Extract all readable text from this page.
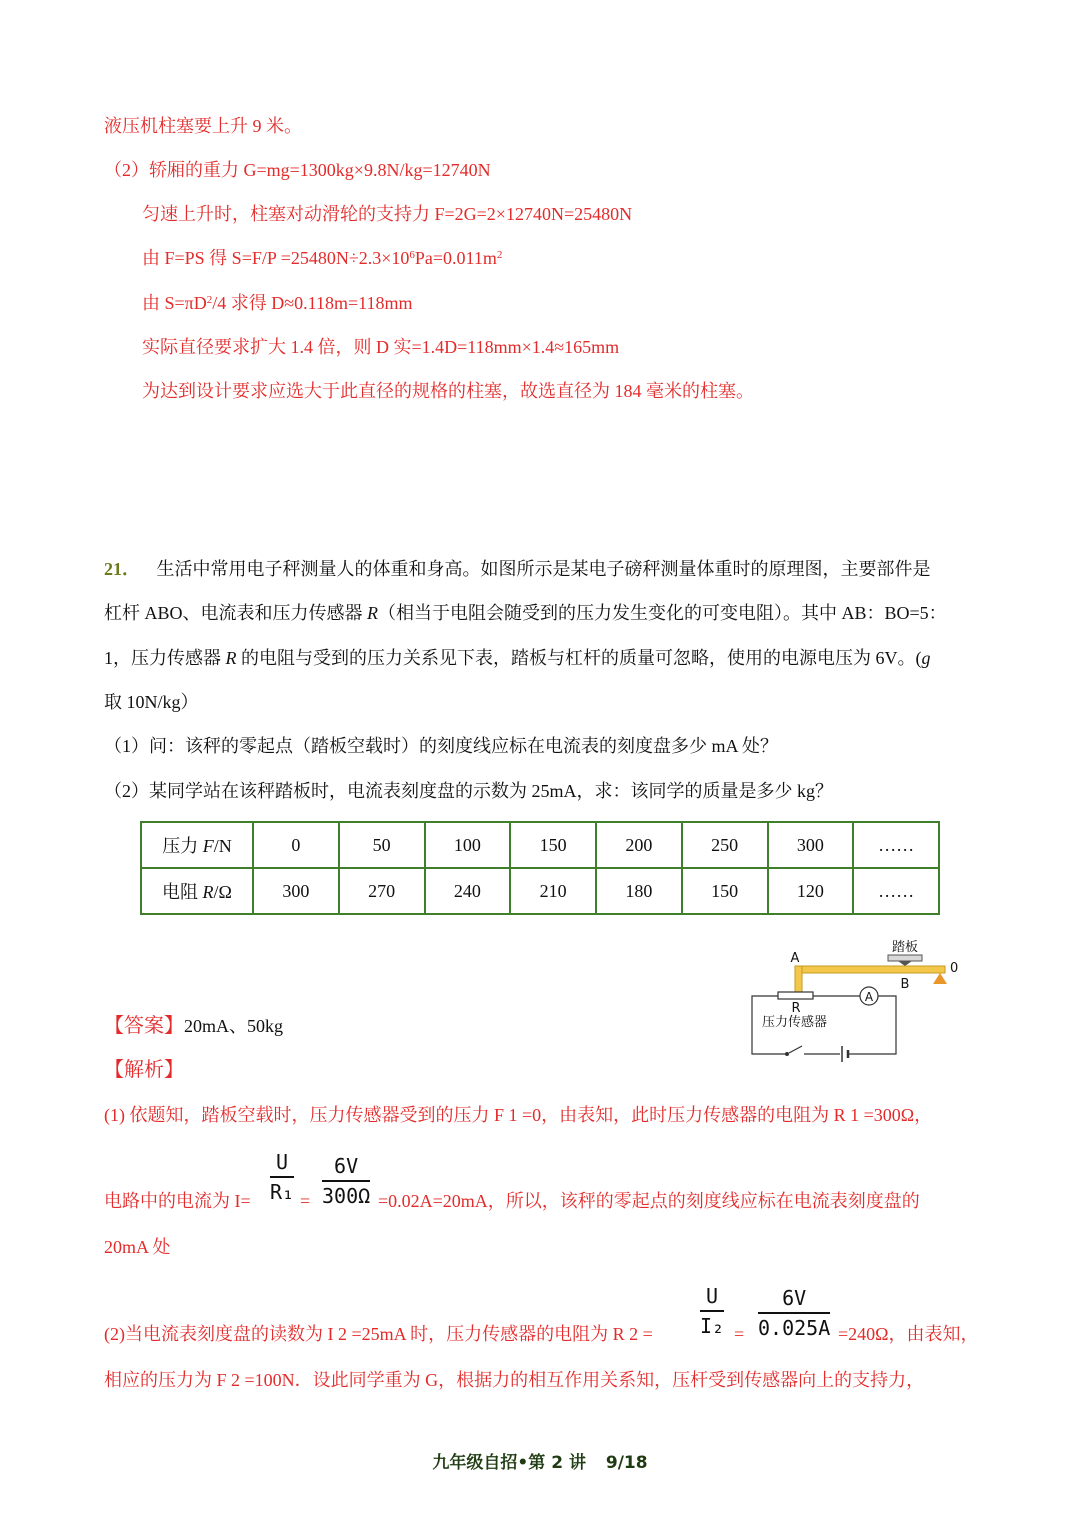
液压机柱塞要上升 9 米。
（2）轿厢的重力 G=mg=1300kg×9.8N/kg=12740N
匀速上升时，柱塞对动滑轮的支持力 F=2G=2×12740N=25480N
由 F=PS 得 $S=F/P =25480N\div 2.3\times 10^6Pa=0.011m^2$
由 $S=\pi D^2/4$ 求得 D≈0.118m=118mm
实际直径要求扩大 1.4 倍，则 D 实=1.4D=118mm×1.4≈165mm
为达到设计要求应选大于此直径的规格的柱塞，故选直径为 184 毫米的柱塞。
21． 生活中常用电子秤测量人的体重和身高。如图所示是某电子磅秤测量体重时的原理图，主要部件是
杠杆 ABO、电流表和压力传感器 R（相当于电阻会随受到的压力发生变化的可变电阻）。其中 AB：BO=5：
1，压力传感器 R 的电阻与受到的压力关系见下表，踏板与杠杆的质量可忽略，使用的电源电压为 6V。(g
取 10N/kg）
（1）问：该秤的零起点（踏板空载时）的刻度线应标在电流表的刻度盘多少 mA 处？
（2）某同学站在该秤踏板时，电流表刻度盘的示数为 25mA，求：该同学的质量是多少 kg？
压力 F/N	0	50	100	150	200	250	300	……
电阻 R/Ω	300	270	240	210	180	150	120	……
踏板
A
B
0
R
压力传感器
A
【答案】20mA、50kg
【解析】
(1) 依题知，踏板空载时，压力传感器受到的压力 F 1 =0，由表知，此时压力传感器的电阻为 R 1 =300Ω，
电路中的电流为 $I= \frac{U}{\text{R₁}} = \frac{6V}{300\Omega} =0.02A=20mA$，所以，该秤的零起点的刻度线应标在电流表刻度盘的
20mA 处
(2)当电流表刻度盘的读数为 I 2 =25mA 时，压力传感器的电阻为 R $2 = \frac{U}{\text{I₂}} = \frac{6V}{0.025A} =240\Omega$，由表知，
相应的压力为 F 2 =100N．设此同学重为 G，根据力的相互作用关系知，压杆受到传感器向上的支持力，
九年级自招•第 2 讲 9/18
